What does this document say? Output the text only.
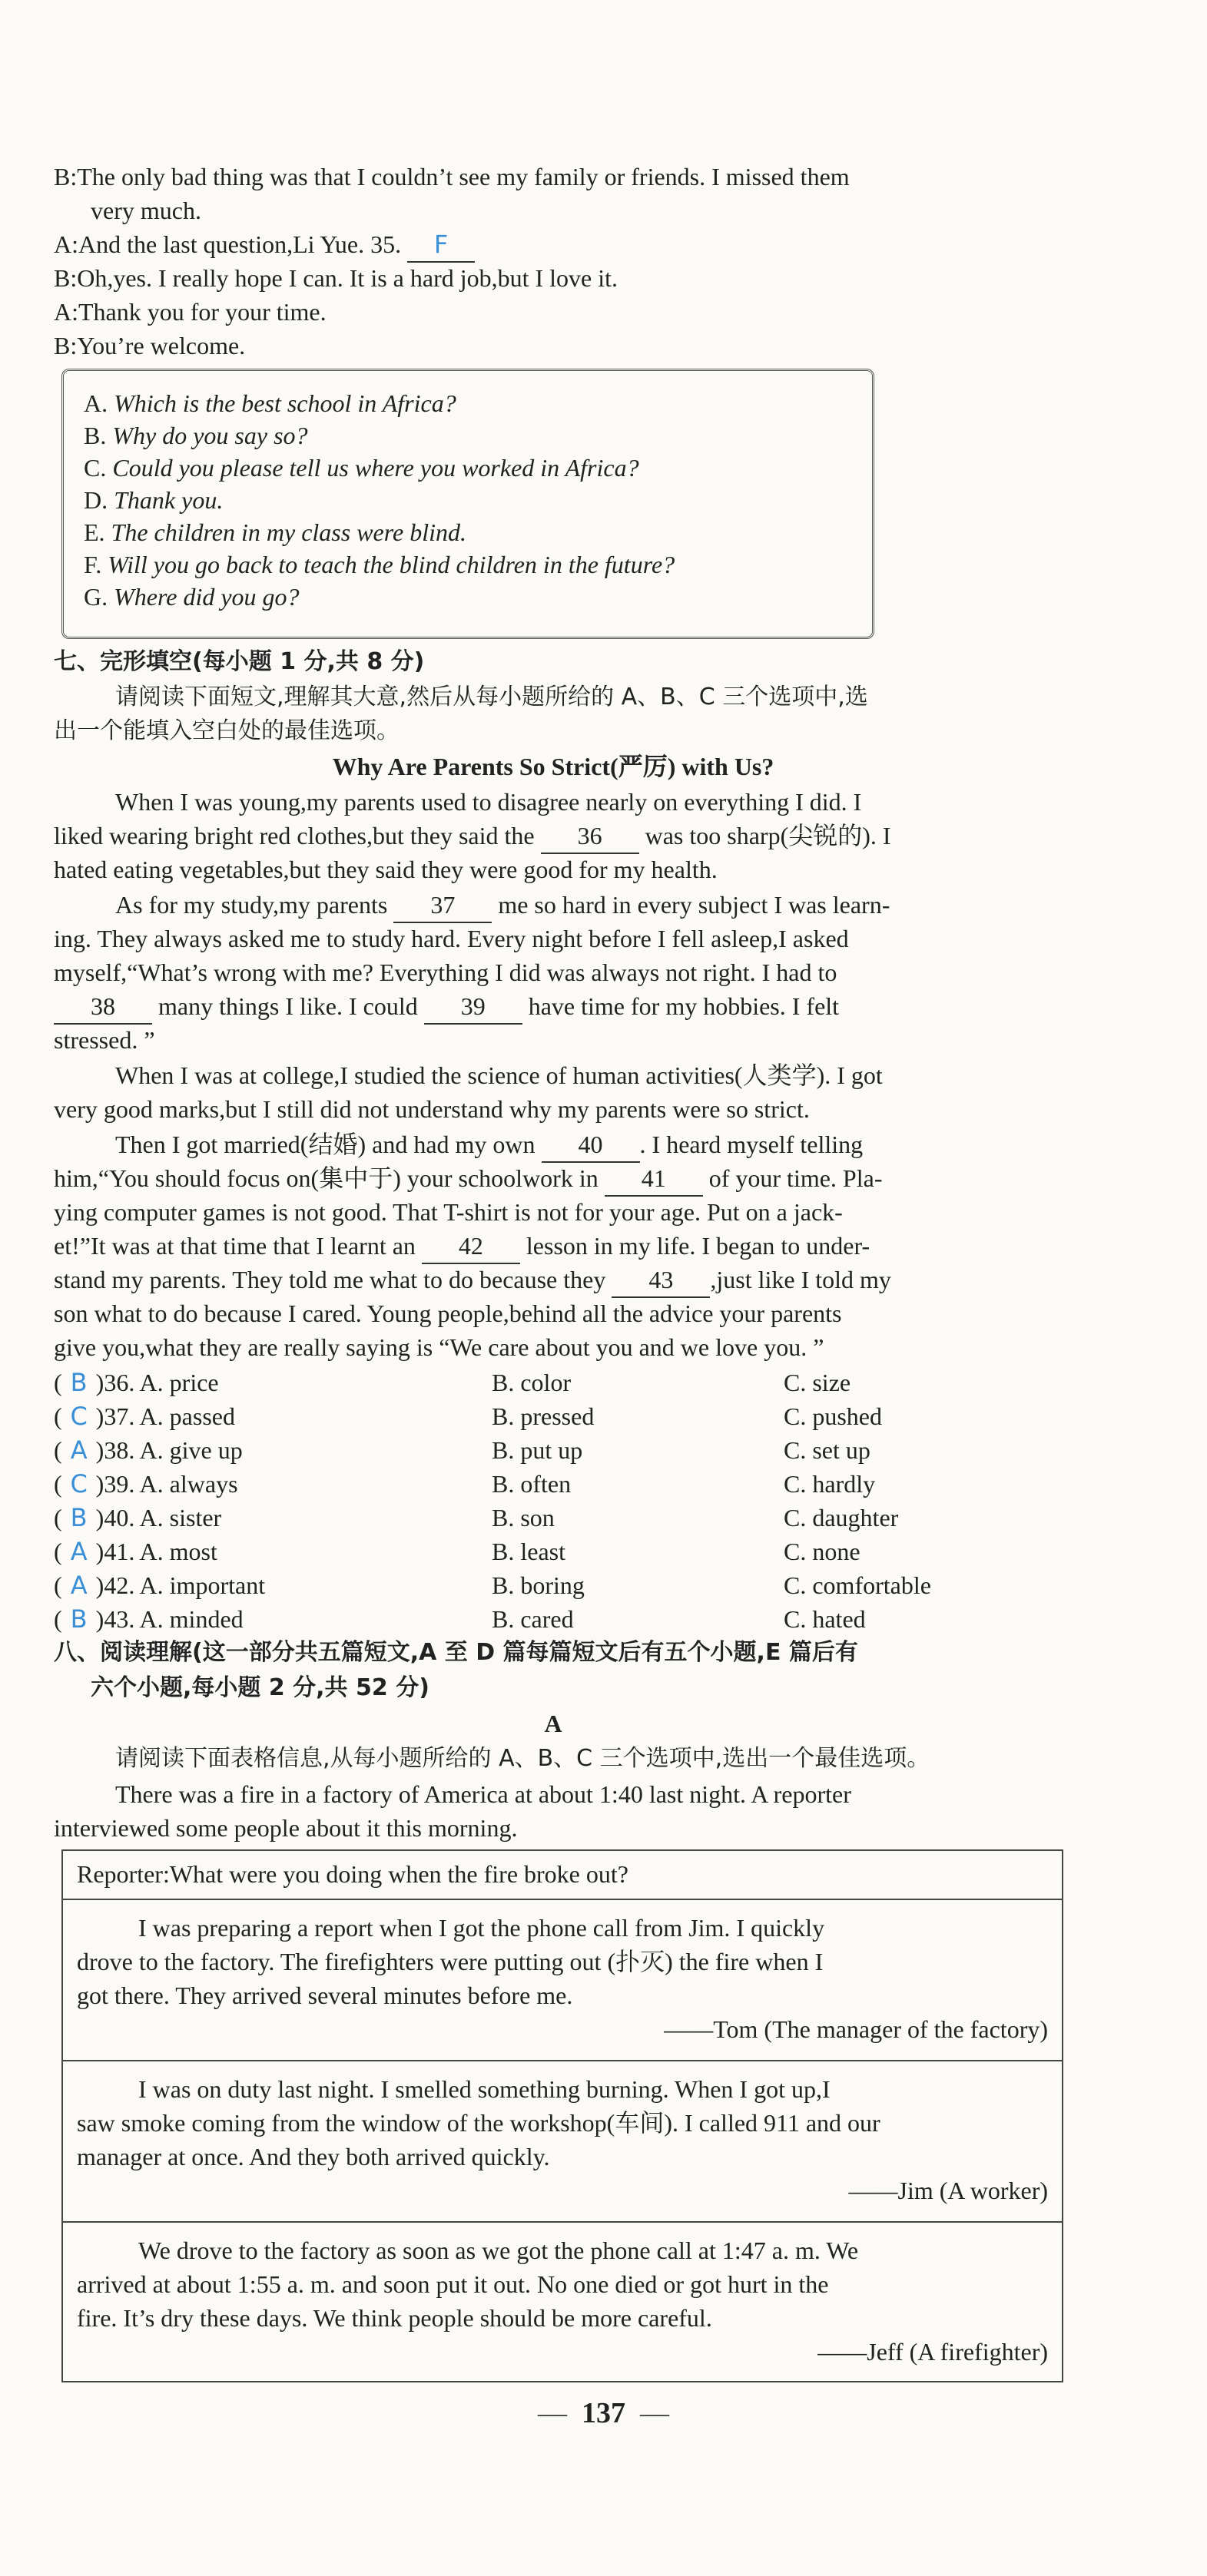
B:The only bad thing was that I couldn’t see my family or friends. I missed them
very much.
A:And the last question,Li Yue. 35. F
B:Oh,yes. I really hope I can. It is a hard job,but I love it.
A:Thank you for your time.
B:You’re welcome.
A. Which is the best school in Africa?
B. Why do you say so?
C. Could you please tell us where you worked in Africa?
D. Thank you.
E. The children in my class were blind.
F. Will you go back to teach the blind children in the future?
G. Where did you go?
七、完形填空(每小题 1 分,共 8 分)
请阅读下面短文,理解其大意,然后从每小题所给的 A、B、C 三个选项中,选
出一个能填入空白处的最佳选项。
Why Are Parents So Strict(严厉) with Us?
When I was young,my parents used to disagree nearly on everything I did. I
liked wearing bright red clothes,but they said the 36 was too sharp(尖锐的). I
hated eating vegetables,but they said they were good for my health.
As for my study,my parents 37 me so hard in every subject I was learn-
ing. They always asked me to study hard. Every night before I fell asleep,I asked
myself,“What’s wrong with me? Everything I did was always not right. I had to
38 many things I like. I could 39 have time for my hobbies. I felt
stressed. ”
When I was at college,I studied the science of human activities(人类学). I got
very good marks,but I still did not understand why my parents were so strict.
Then I got married(结婚) and had my own 40 . I heard myself telling
him,“You should focus on(集中于) your schoolwork in 41 of your time. Pla-
ying computer games is not good. That T-shirt is not for your age. Put on a jack-
et!”It was at that time that I learnt an 42 lesson in my life. I began to under-
stand my parents. They told me what to do because they 43 ,just like I told my
son what to do because I cared. Young people,behind all the advice your parents
give you,what they are really saying is “We care about you and we love you. ”
( B )36. A. price	B. color	C. size
( C )37. A. passed	B. pressed	C. pushed
( A )38. A. give up	B. put up	C. set up
( C )39. A. always	B. often	C. hardly
( B )40. A. sister	B. son	C. daughter
( A )41. A. most	B. least	C. none
( A )42. A. important	B. boring	C. comfortable
( B )43. A. minded	B. cared	C. hated
八、阅读理解(这一部分共五篇短文,A 至 D 篇每篇短文后有五个小题,E 篇后有
六个小题,每小题 2 分,共 52 分)
A
请阅读下面表格信息,从每小题所给的 A、B、C 三个选项中,选出一个最佳选项。
There was a fire in a factory of America at about 1:40 last night. A reporter
interviewed some people about it this morning.
Reporter:What were you doing when the fire broke out?
I was preparing a report when I got the phone call from Jim. I quickly
drove to the factory. The firefighters were putting out (扑灭) the fire when I
got there. They arrived several minutes before me.
——Tom (The manager of the factory)
I was on duty last night. I smelled something burning. When I got up,I
saw smoke coming from the window of the workshop(车间). I called 911 and our
manager at once. And they both arrived quickly.
——Jim (A worker)
We drove to the factory as soon as we got the phone call at 1:47 a. m. We
arrived at about 1:55 a. m. and soon put it out. No one died or got hurt in the
fire. It’s dry these days. We think people should be more careful.
——Jeff (A firefighter)
— 137 —
